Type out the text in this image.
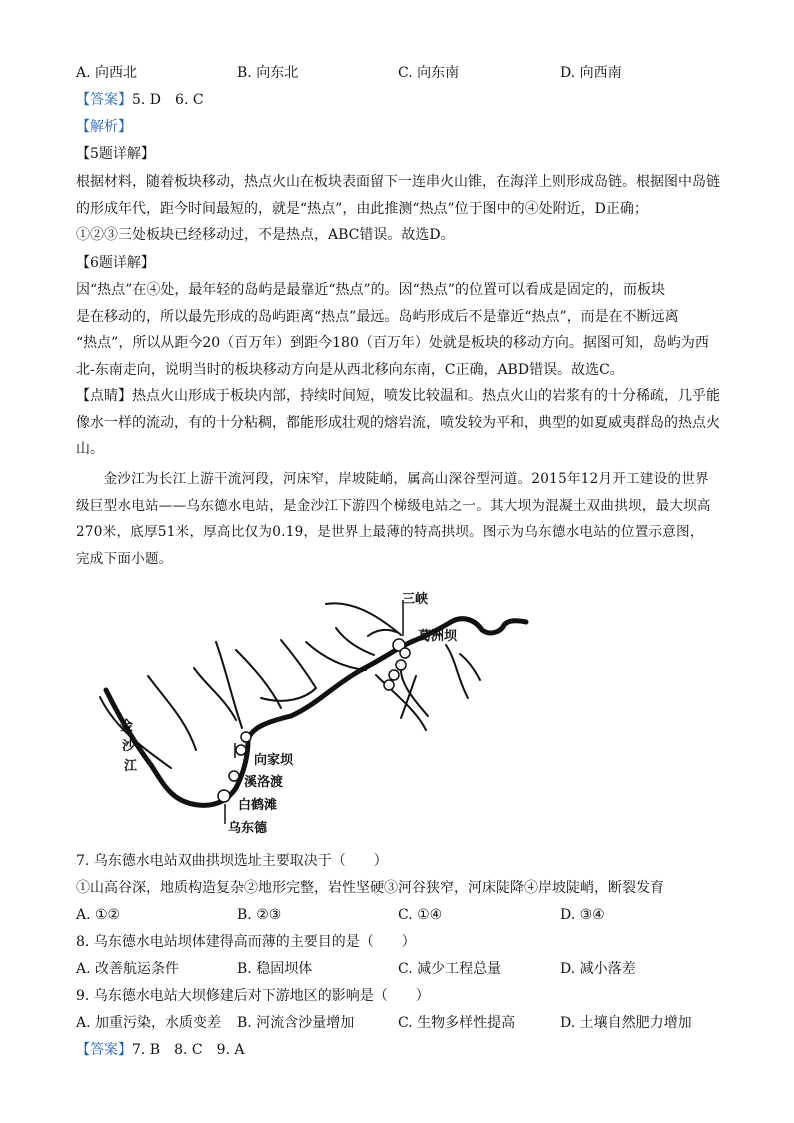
A. 向西北	B. 向东北	C. 向东南	D. 向西南
【答案】5. D　6. C
【解析】
【5题详解】
根据材料，随着板块移动，热点火山在板块表面留下一连串火山锥，在海洋上则形成岛链。根据图中岛链
的形成年代，距今时间最短的，就是“热点”，由此推测“热点”位于图中的④处附近，D正确；
①②③三处板块已经移动过，不是热点，ABC错误。故选D。
【6题详解】
因“热点”在④处，最年轻的岛屿是最靠近“热点”的。因“热点”的位置可以看成是固定的，而板块
是在移动的，所以最先形成的岛屿距离“热点”最远。岛屿形成后不是靠近“热点”，而是在不断远离
“热点”，所以从距今20（百万年）到距今180（百万年）处就是板块的移动方向。据图可知，岛屿为西
北-东南走向，说明当时的板块移动方向是从西北移向东南，C正确，ABD错误。故选C。
【点睛】热点火山形成于板块内部，持续时间短，喷发比较温和。热点火山的岩浆有的十分稀疏，几乎能
像水一样的流动，有的十分粘稠，都能形成壮观的熔岩流，喷发较为平和，典型的如夏威夷群岛的热点火
山。
　　金沙江为长江上游干流河段，河床窄，岸坡陡峭，属高山深谷型河道。2015年12月开工建设的世界
级巨型水电站——乌东德水电站，是金沙江下游四个梯级电站之一。其大坝为混凝土双曲拱坝，最大坝高
270米，底厚51米，厚高比仅为0.19，是世界上最薄的特高拱坝。图示为乌东德水电站的位置示意图，
完成下面小题。
三峡
葛洲坝
向家坝
溪洛渡
白鹤滩
乌东德
金
沙
江
7. 乌东德水电站双曲拱坝选址主要取决于（　　）
①山高谷深，地质构造复杂②地形完整，岩性坚硬③河谷狭窄，河床陡降④岸坡陡峭，断裂发育
A. ①②	B. ②③	C. ①④	D. ③④
8. 乌东德水电站坝体建得高而薄的主要目的是（　　）
A. 改善航运条件	B. 稳固坝体	C. 减少工程总量	D. 减小落差
9. 乌东德水电站大坝修建后对下游地区的影响是（　　）
A. 加重污染，水质变差 B. 河流含沙量增加	C. 生物多样性提高	D. 土壤自然肥力增加
【答案】7. B　8. C　9. A
